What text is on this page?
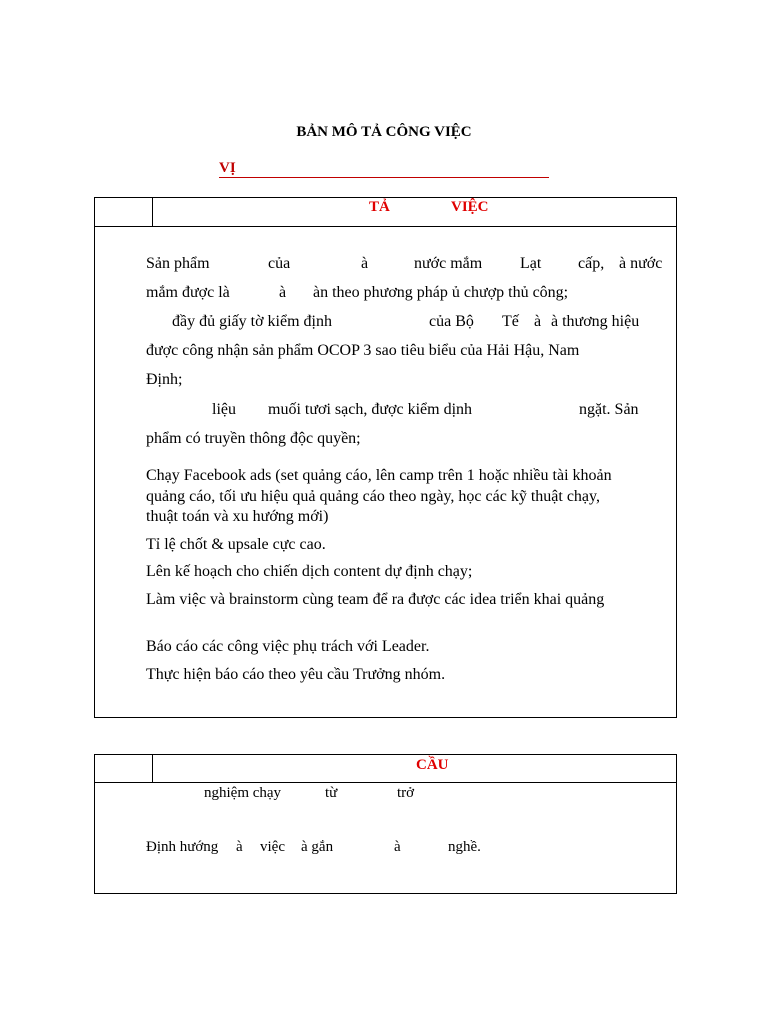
BẢN MÔ TẢ CÔNG VIỆC
VỊ
TẢ	VIỆC
Sản phẩm	của	à	nước mắm Lạt cấp, à nước
mắm được là	à àn theo phương pháp ủ chượp thủ công;
đầy đủ giấy tờ kiểm định	của Bộ Tế à à thương hiệu
được công nhận sản phẩm OCOP 3 sao tiêu biểu của Hải Hậu, Nam
Định;
liệu muối tươi sạch, được kiểm dịnh	ngặt. Sản
phẩm có truyền thông độc quyền;
Chạy Facebook ads (set quảng cáo, lên camp trên 1 hoặc nhiều tài khoản
quảng cáo, tối ưu hiệu quả quảng cáo theo ngày, học các kỹ thuật chạy,
thuật toán và xu hướng mới)
Tỉ lệ chốt & upsale cực cao.
Lên kế hoạch cho chiến dịch content dự định chạy;
Làm việc và brainstorm cùng team để ra được các idea triển khai quảng
Báo cáo các công việc phụ trách với Leader.
Thực hiện báo cáo theo yêu cầu Trưởng nhóm.
CẦU
nghiệm chạy	từ	trở
Định hướng à việc à gắn	à	nghề.
